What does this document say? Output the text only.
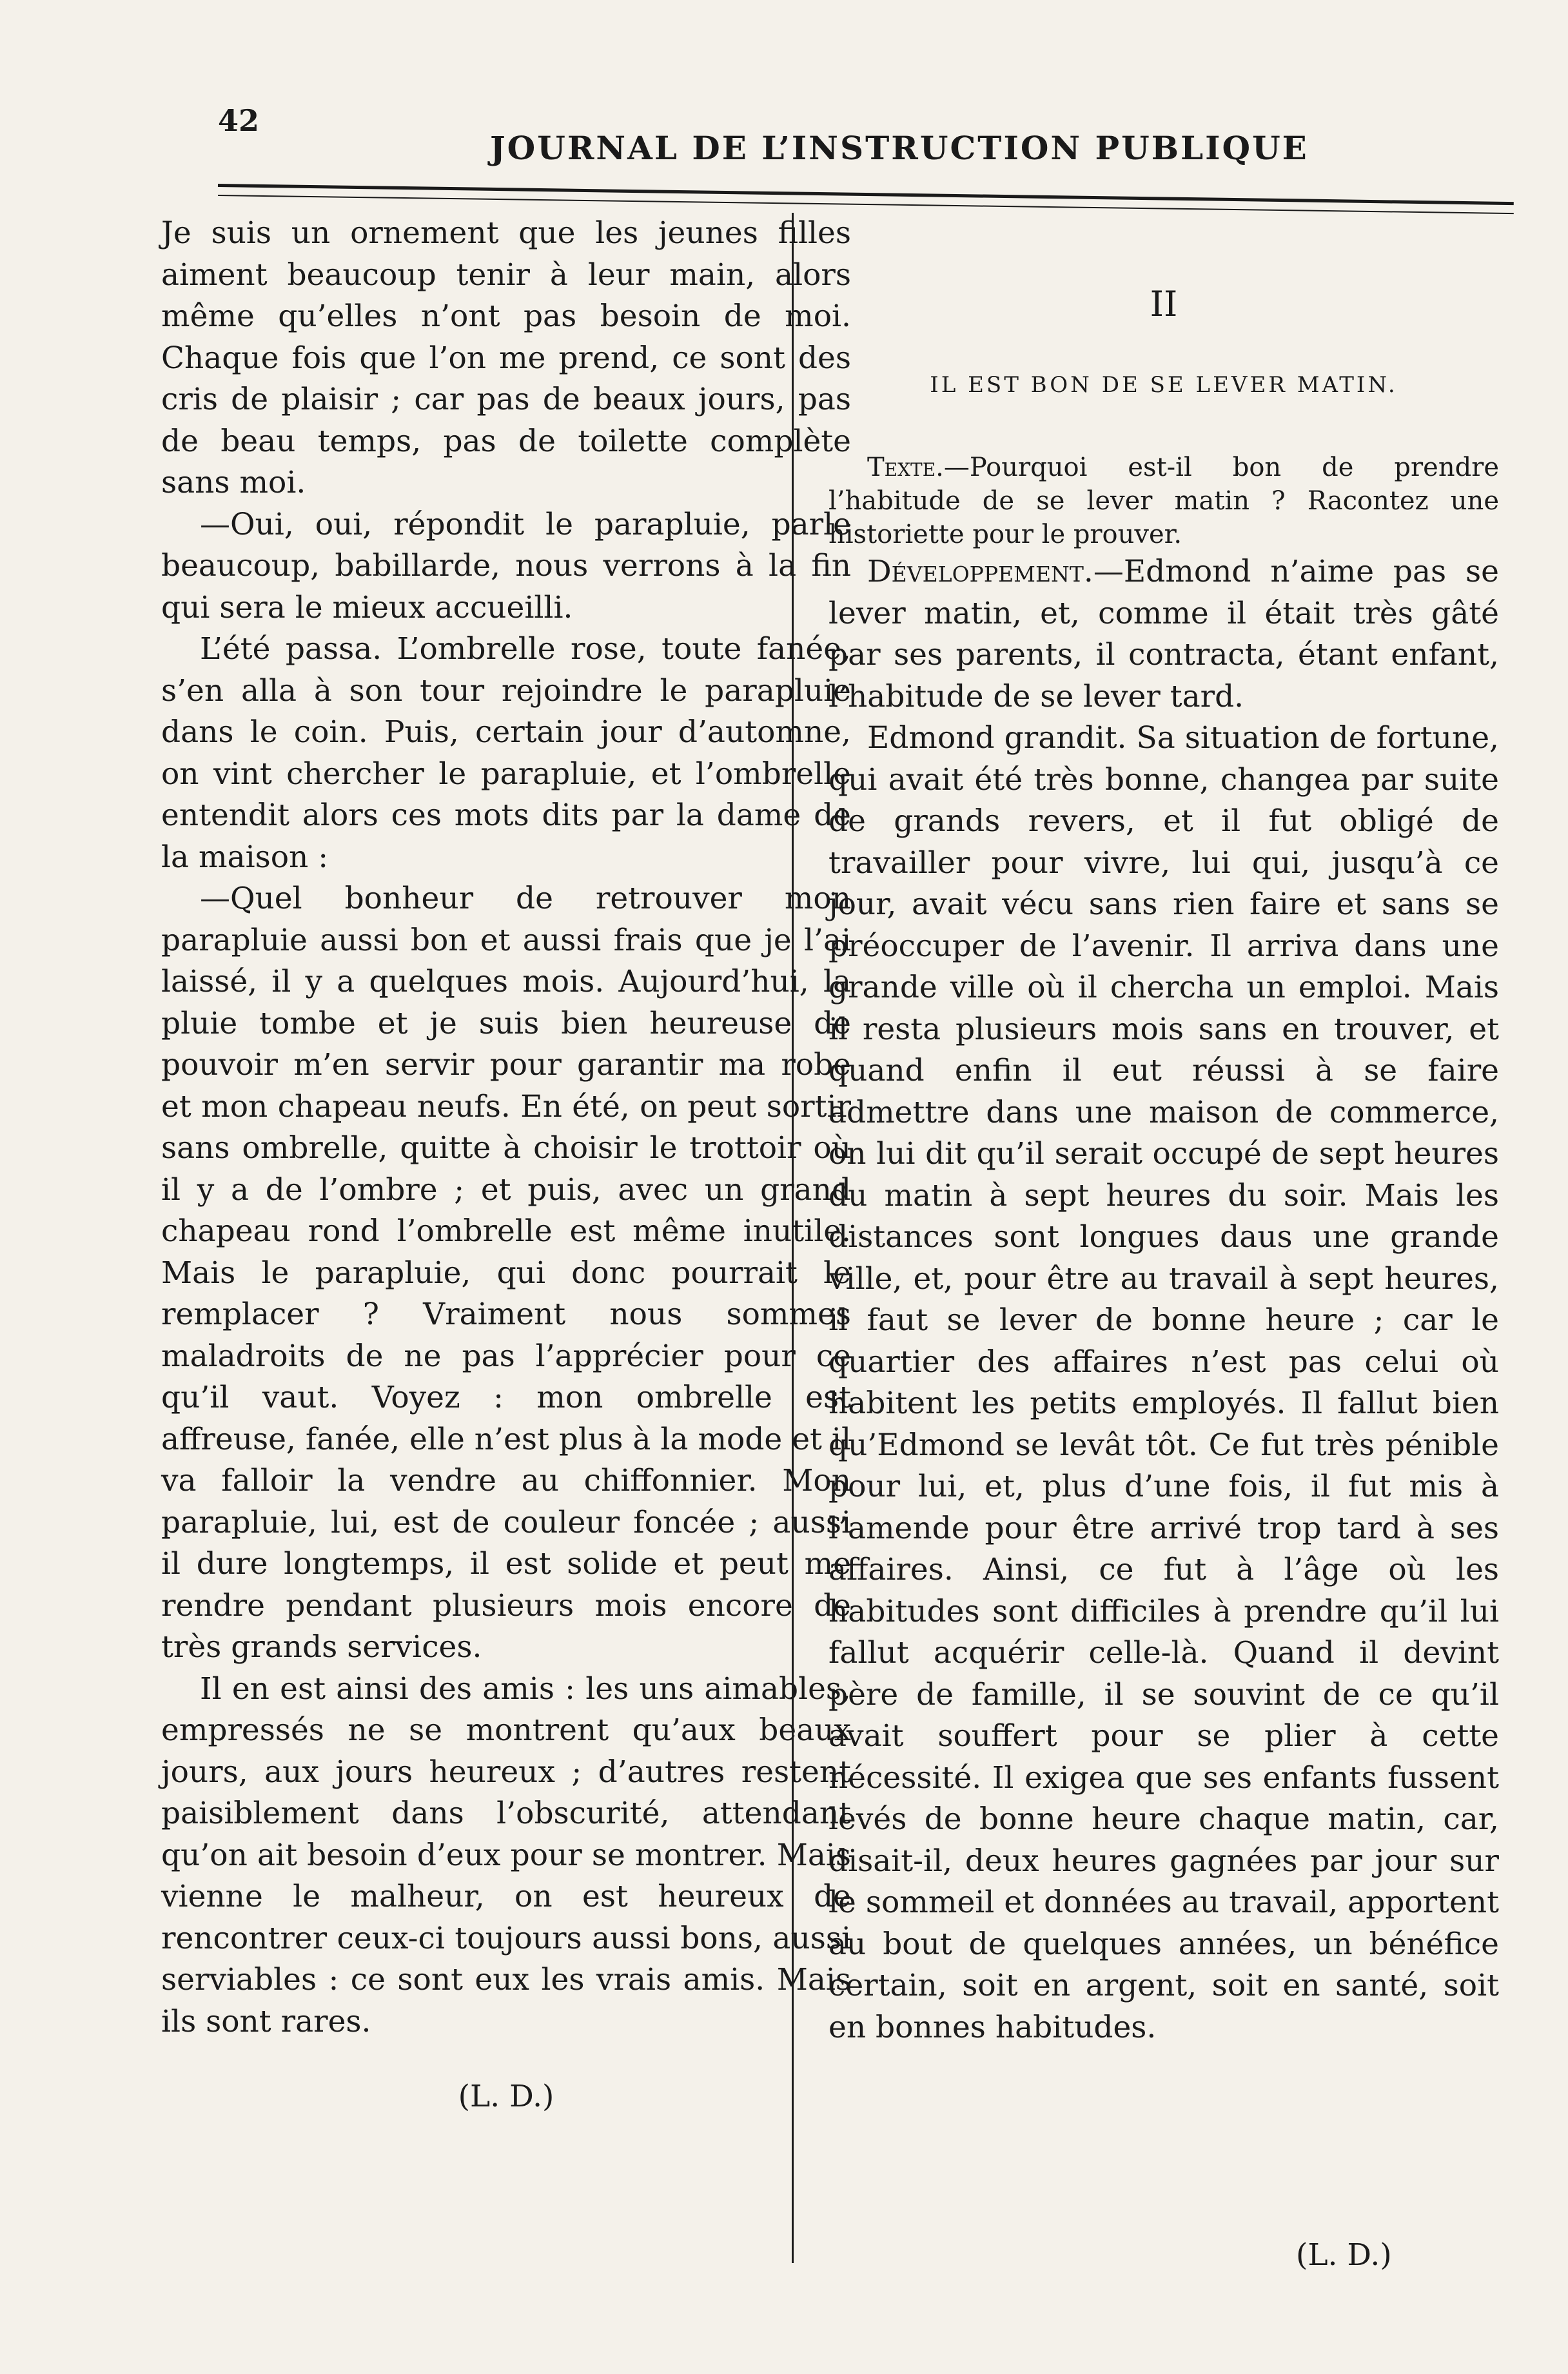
42
JOURNAL DE L’INSTRUCTION PUBLIQUE

Je suis un ornement que les jeunes filles aiment beaucoup tenir à leur main, alors même qu’elles n’ont pas besoin de moi. Chaque fois que l’on me prend, ce sont des cris de plaisir ; car pas de beaux jours, pas de beau temps, pas de toilette complète sans moi.

—Oui, oui, répondit le parapluie, parle beaucoup, babillarde, nous verrons à la fin qui sera le mieux accueilli.

L’été passa. L’ombrelle rose, toute fanée, s’en alla à son tour rejoindre le parapluie dans le coin. Puis, certain jour d’automne, on vint chercher le parapluie, et l’ombrelle entendit alors ces mots dits par la dame de la maison :

—Quel bonheur de retrouver mon parapluie aussi bon et aussi frais que je l’ai laissé, il y a quelques mois. Aujourd’hui, la pluie tombe et je suis bien heureuse de pouvoir m’en servir pour garantir ma robe et mon chapeau neufs. En été, on peut sortir sans ombrelle, quitte à choisir le trottoir où il y a de l’ombre ; et puis, avec un grand chapeau rond l’ombrelle est même inutile. Mais le parapluie, qui donc pourrait le remplacer ? Vraiment nous sommes maladroits de ne pas l’apprécier pour ce qu’il vaut. Voyez : mon ombrelle est affreuse, fanée, elle n’est plus à la mode et il va falloir la vendre au chiffonnier. Mon parapluie, lui, est de couleur foncée ; aussi il dure longtemps, il est solide et peut me rendre pendant plusieurs mois encore de très grands services.

Il en est ainsi des amis : les uns aimables, empressés ne se montrent qu’aux beaux jours, aux jours heureux ; d’autres restent paisiblement dans l’obscurité, attendant qu’on ait besoin d’eux pour se montrer. Mais vienne le malheur, on est heureux de rencontrer ceux-ci toujours aussi bons, aussi serviables : ce sont eux les vrais amis. Mais ils sont rares.

(L. D.)
II
IL EST BON DE SE LEVER MATIN.

Texte.—Pourquoi est-il bon de prendre l’habitude de se lever matin ? Racontez une historiette pour le prouver.

Développement.—Edmond n’aime pas se lever matin, et, comme il était très gâté par ses parents, il contracta, étant enfant, l’habitude de se lever tard.

Edmond grandit. Sa situation de fortune, qui avait été très bonne, changea par suite de grands revers, et il fut obligé de travailler pour vivre, lui qui, jusqu’à ce jour, avait vécu sans rien faire et sans se préoccuper de l’avenir. Il arriva dans une grande ville où il chercha un emploi. Mais il resta plusieurs mois sans en trouver, et quand enfin il eut réussi à se faire admettre dans une maison de commerce, on lui dit qu’il serait occupé de sept heures du matin à sept heures du soir. Mais les distances sont longues daus une grande ville, et, pour être au travail à sept heures, il faut se lever de bonne heure ; car le quartier des affaires n’est pas celui où habitent les petits employés. Il fallut bien qu’Edmond se levât tôt. Ce fut très pénible pour lui, et, plus d’une fois, il fut mis à l’amende pour être arrivé trop tard à ses affaires. Ainsi, ce fut à l’âge où les habitudes sont difficiles à prendre qu’il lui fallut acquérir celle-là. Quand il devint père de famille, il se souvint de ce qu’il avait souffert pour se plier à cette nécessité. Il exigea que ses enfants fussent levés de bonne heure chaque matin, car, disait-il, deux heures gagnées par jour sur le sommeil et données au travail, apportent au bout de quelques années, un bénéfice certain, soit en argent, soit en santé, soit en bonnes habitudes.

(L. D.)
